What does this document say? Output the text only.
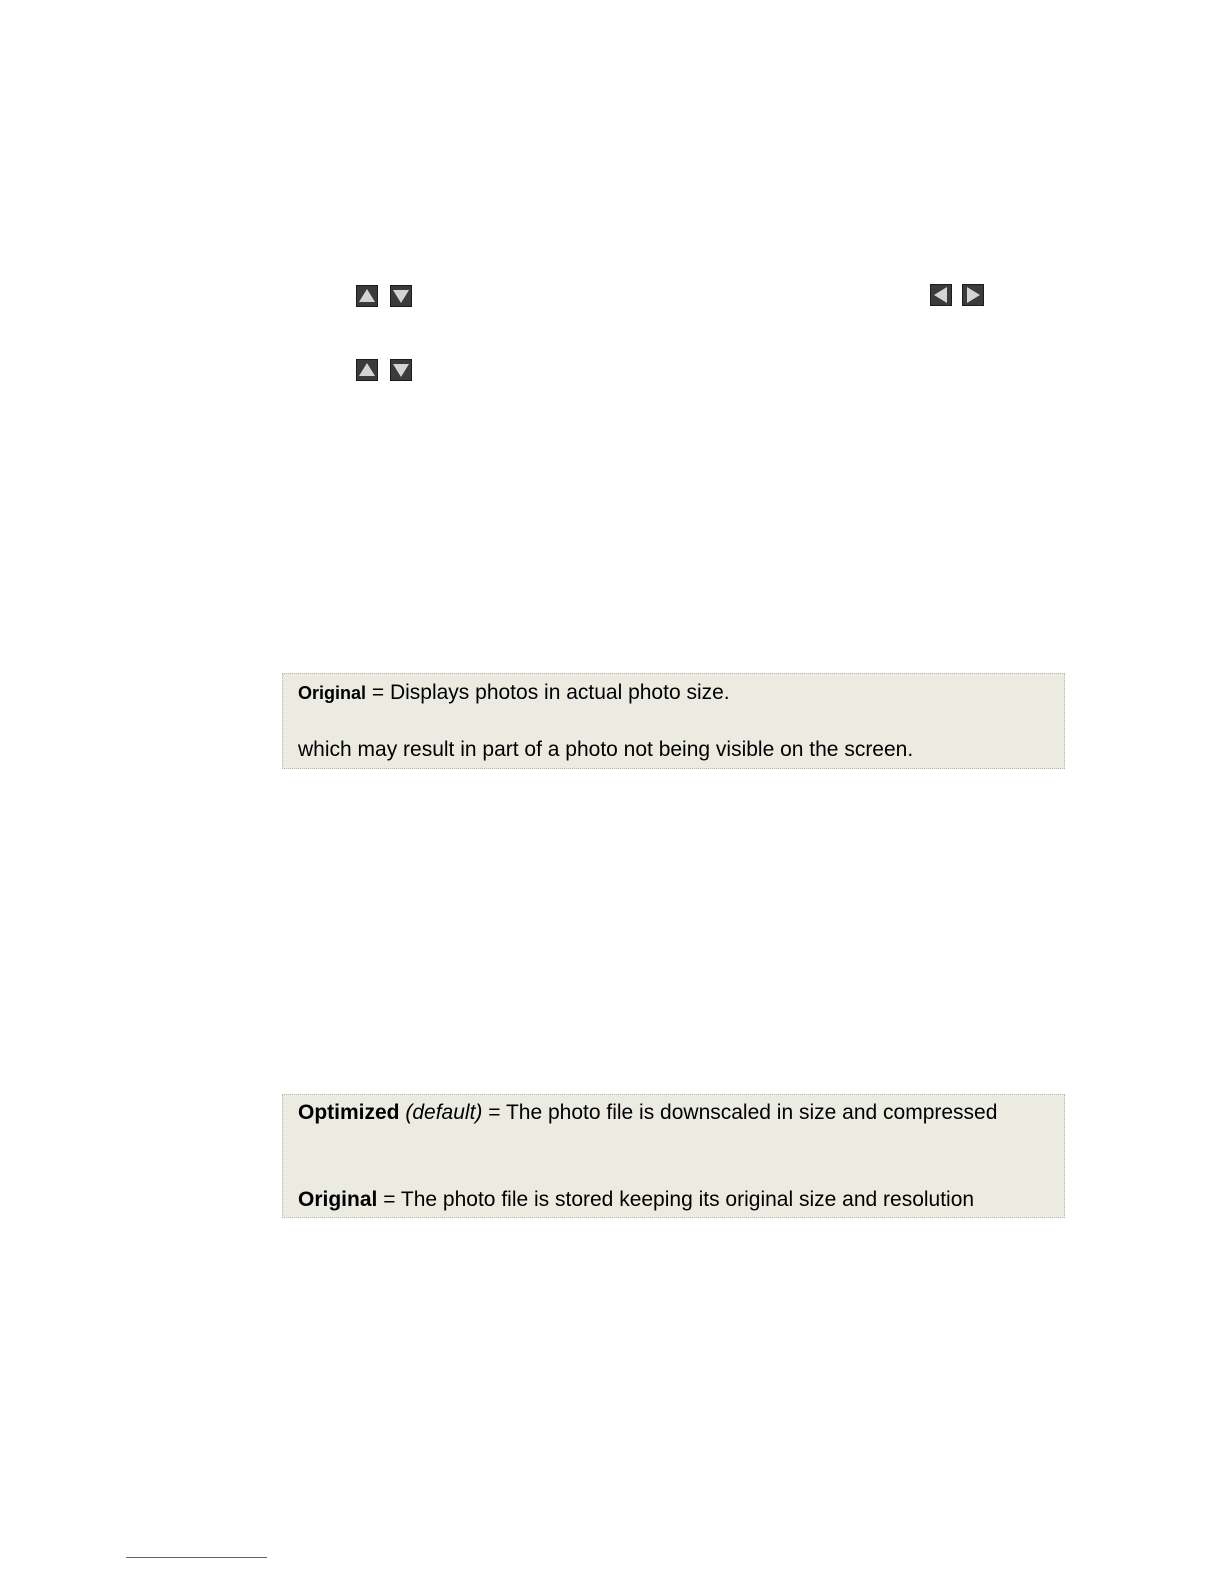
Original = Displays photos in actual photo size.
which may result in part of a photo not being visible on the screen.
Optimized (default) = The photo file is downscaled in size and compressed
Original = The photo file is stored keeping its original size and resolution
